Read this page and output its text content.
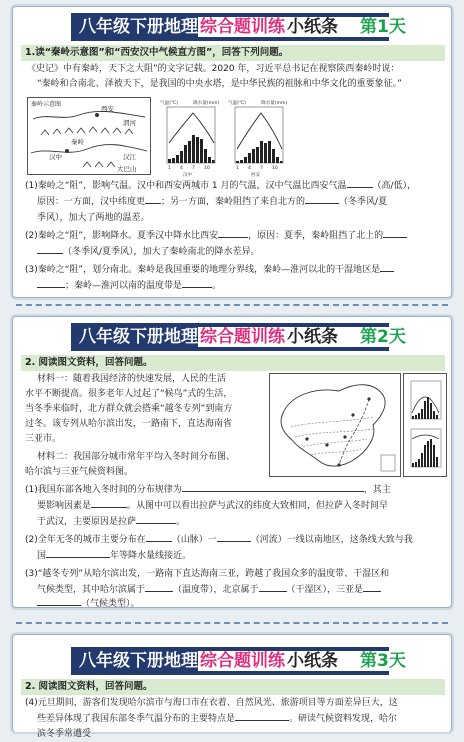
八年级下册地理 综合题训练 小纸条 第1天
1.读“秦岭示意图”和“西安汉中气候直方图”，回答下列问题。
《史记》中有秦岭，天下之大阻”的文字记载。2020 年，习近平总书记在视察陕西秦岭时说：
“秦岭和合南北、泽被天下，是我国的中央水塔，是中华民族的祖脉和中华文化的重要象征。”
西安
渭河
秦岭
汉中	汉江
大巴山
秦岭示意图	气温(℃)	降水量(mm)
1 4 7 10
汉中
气温(℃)	降水量(mm)
1 4 7 10
西安
(1)秦岭之“阻”，影响气温。汉中和西安两城市 1 月的气温，汉中气温比西安气温	（高/低），
原因：一方面，汉中纬度更 ；另一方面，秦岭阻挡了来自北方的	（冬季风/夏
季风），加大了两地的温差。
(2)秦岭之“阻”，影响降水。夏季汉中降水比西安	，原因：夏季，秦岭阻挡了北上的
（冬季风/夏季风），加大了秦岭南北的降水差异。
(3)秦岭之“阻”，划分南北。秦岭是我国重要的地理分界线，秦岭—淮河以北的干湿地区是
；秦岭—淮河以南的温度带是	。
八年级下册地理 综合题训练 小纸条 第2天
2. 阅读图文资料，回答问题。
材料一：随着我国经济的快速发展，人民的生活
水平不断提高。很多老年人过起了“候鸟”式的生活，
当冬季来临时，北方群众就会搭乘“越冬专列”到南方
过冬。该专列从哈尔滨出发，一路南下，直达海南省
三亚市。
材料二：我国部分城市常年平均入冬时间分布图、
哈尔滨与三亚气候资料图。
(1)我国东部各地入冬时间的分布规律为	，其主
要影响因素是	。从图中可以看出拉萨与武汉的纬度大致相同，但拉萨入冬时间早
于武汉，主要原因是拉萨	。
(2)全年无冬的城市主要分布在	（山脉）一	（河流）一线以南地区，这条线大致与我
国	年等降水量线接近。
(3)“越冬专列”从哈尔滨出发，一路南下直达海南三亚，跨越了我国众多的温度带、干湿区和
气候类型，其中哈尔滨属于	（温度带），北京属于	（干湿区），三亚是
（气候类型）。
八年级下册地理 综合题训练 小纸条 第3天
2. 阅读图文资料，回答问题。
(4)元旦期间，游客们发现哈尔滨市与海口市在衣着、自然风光、旅游项目等方面差异巨大，这
些差异体现了我国东部冬季气温分布的主要特点是	。研读气候资料发现，哈尔
滨冬季常遭受
